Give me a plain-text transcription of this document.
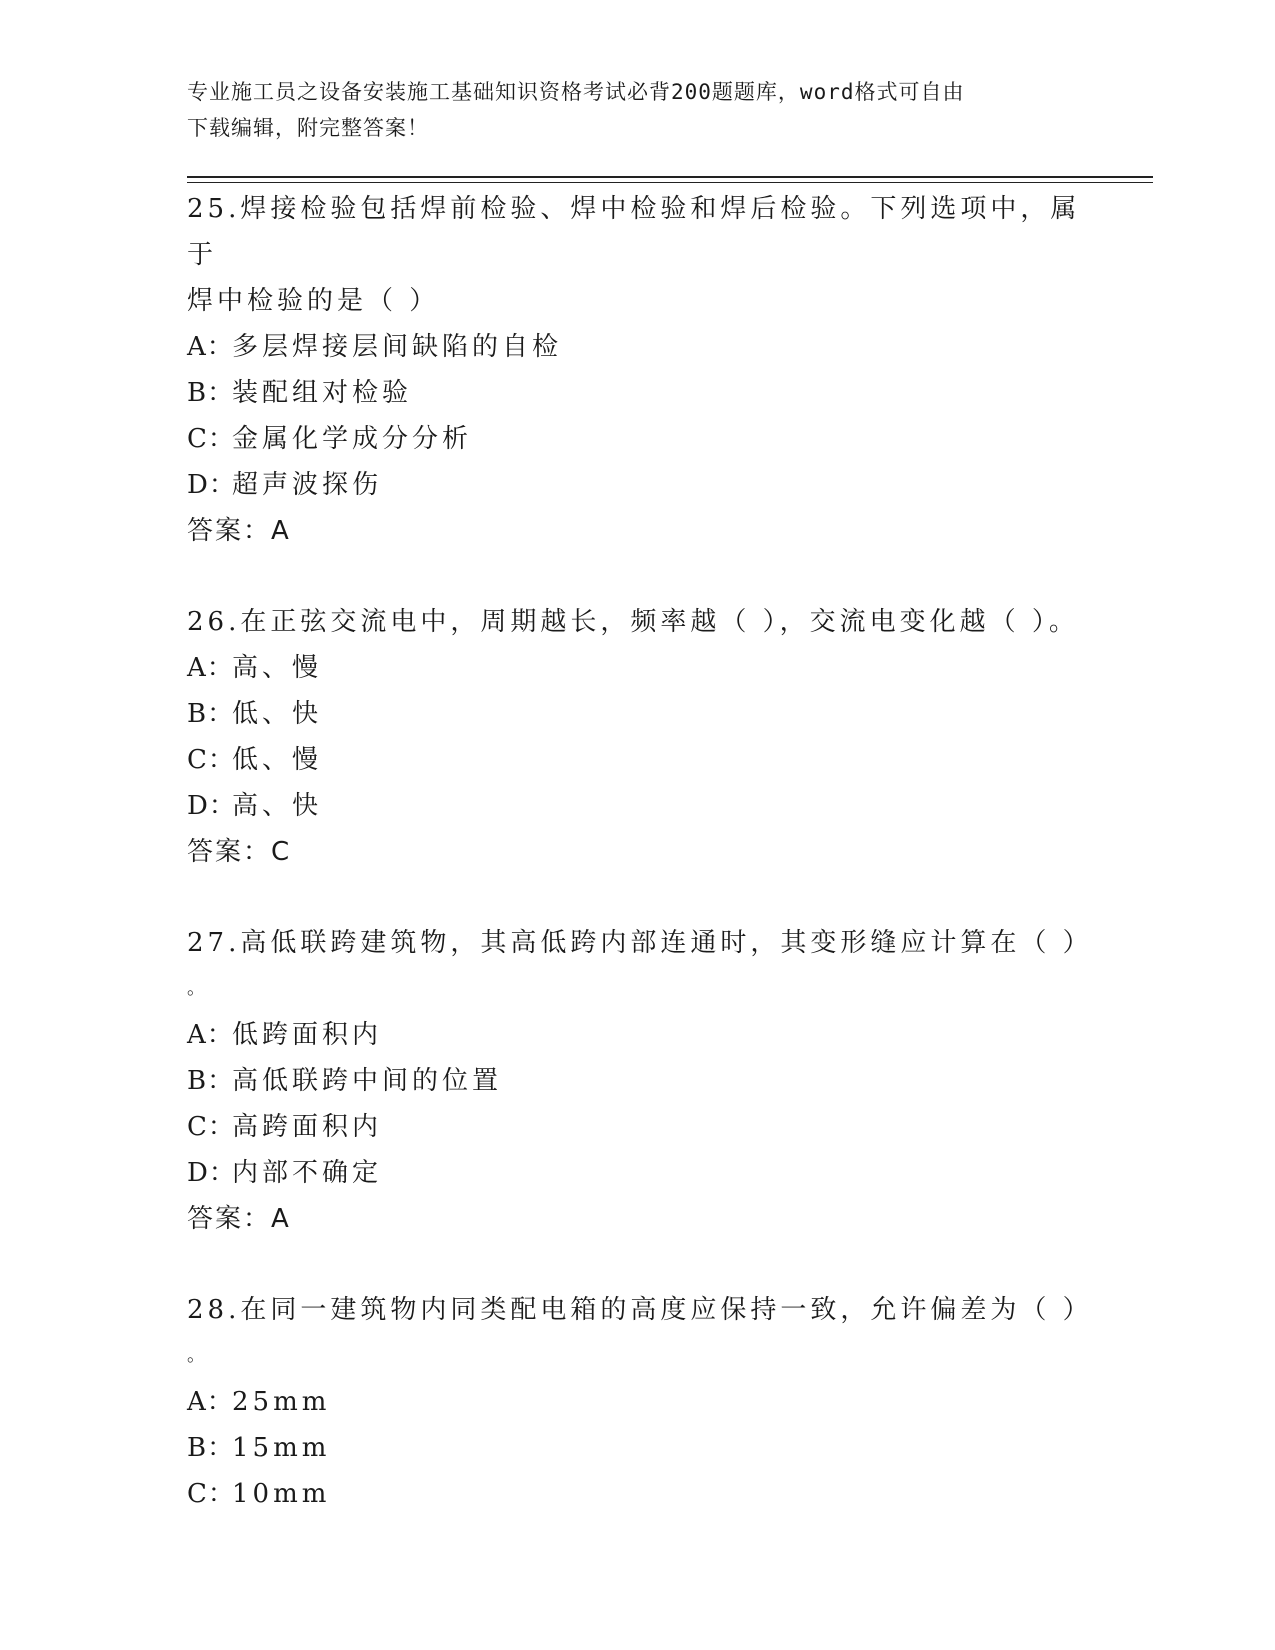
专业施工员之设备安装施工基础知识资格考试必背200题题库，word格式可自由
下载编辑，附完整答案！
25.焊接检验包括焊前检验、焊中检验和焊后检验。下列选项中，属于
焊中检验的是（ ）
A：
多层焊接层间缺陷的自检
B：
装配组对检验
C：
金属化学成分分析
D：
超声波探伤
答案：A
26.在正弦交流电中，周期越长，频率越（ ），交流电变化越（ ）。
A：
高、慢
B：
低、快
C：
低、慢
D：
高、快
答案：C
27.高低联跨建筑物，其高低跨内部连通时，其变形缝应计算在（ ）
。
A：
低跨面积内
B：
高低联跨中间的位置
C：
高跨面积内
D：
内部不确定
答案：A
28.在同一建筑物内同类配电箱的高度应保持一致，允许偏差为（ ）
。
A：
25mm
B：
15mm
C：
10mm
